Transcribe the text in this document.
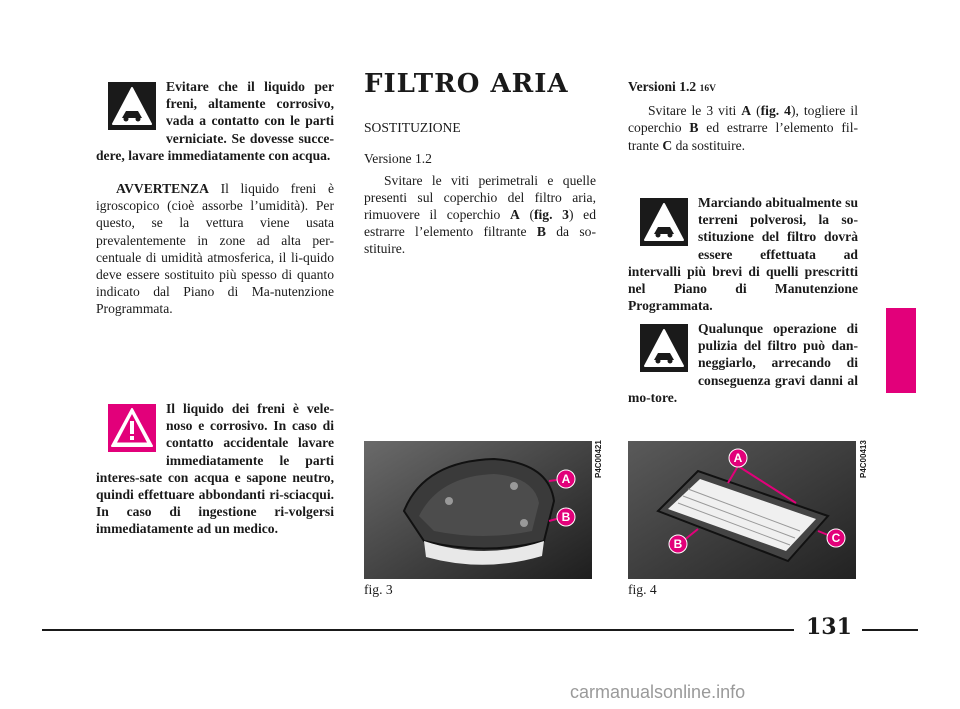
Evitare che il liquido per freni, altamente corrosivo, vada a contatto con le parti verniciate. Se dovesse succe-dere, lavare immediatamente con acqua.

AVVERTENZA Il liquido freni è igroscopico (cioè assorbe l’umidità). Per questo, se la vettura viene usata prevalentemente in zone ad alta per-centuale di umidità atmosferica, il li-quido deve essere sostituito più spesso di quanto indicato dal Piano di Ma-nutenzione Programmata.

Il liquido dei freni è vele-noso e corrosivo. In caso di contatto accidentale lavare immediatamente le parti interes-sate con acqua e sapone neutro, quindi effettuare abbondanti ri-sciacqui. In caso di ingestione ri-volgersi immediatamente ad un medico.

FILTRO ARIA

SOSTITUZIONE

Versione 1.2

Svitare le viti perimetrali e quelle presenti sul coperchio del filtro aria, rimuovere il coperchio A (fig. 3) ed estrarre l’elemento filtrante B da so-stituire.

A
B
P4C00421
fig. 3

Versioni 1.2 16V

Svitare le 3 viti A (fig. 4), togliere il coperchio B ed estrarre l’elemento fil-trante C da sostituire.

Marciando abitualmente su terreni polverosi, la so-stituzione del filtro dovrà essere effettuata ad intervalli più brevi di quelli prescritti nel Piano di Manutenzione Programmata.

Qualunque operazione di pulizia del filtro può dan-neggiarlo, arrecando di conseguenza gravi danni al mo-tore.

A
B	C
P4C00413
fig. 4
131
carmanualsonline.info
